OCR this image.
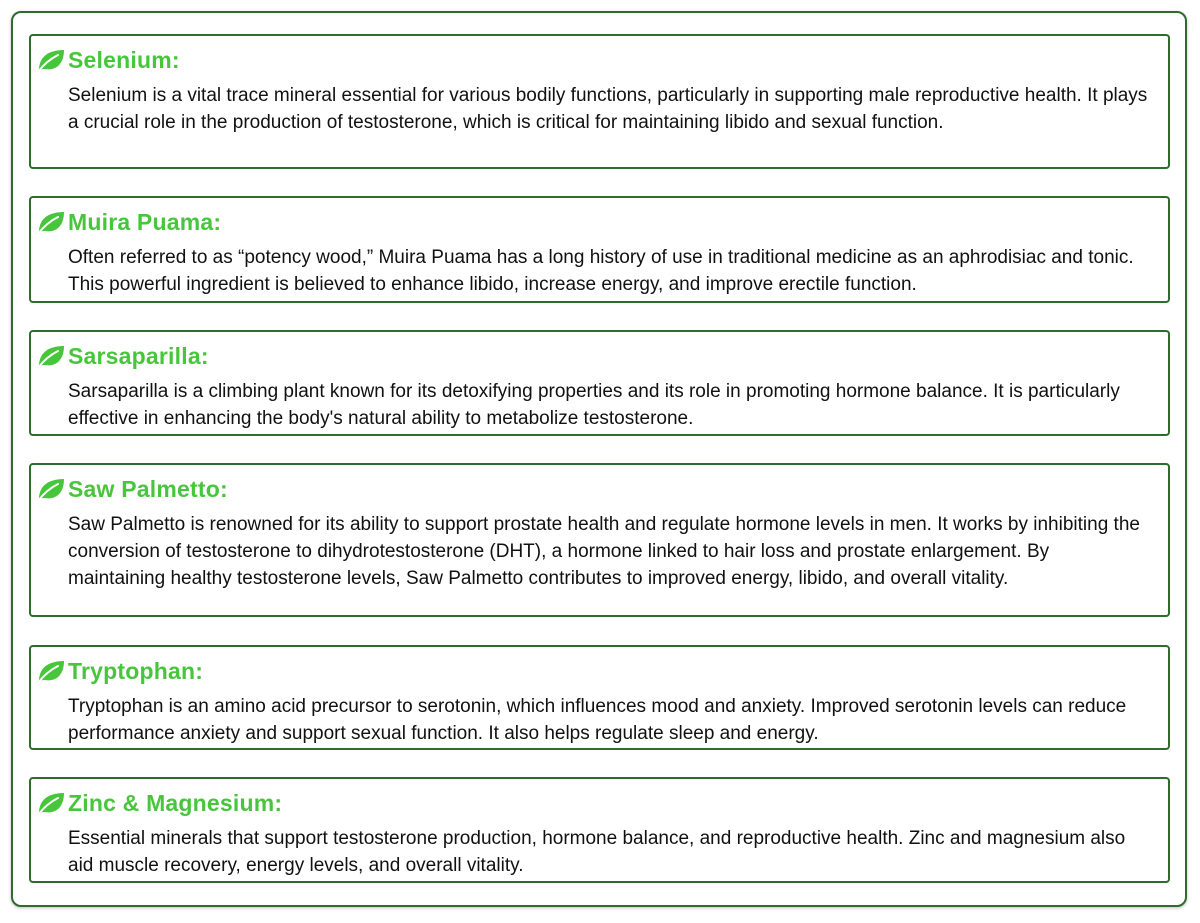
Selenium:

Selenium is a vital trace mineral essential for various bodily functions, particularly in supporting male reproductive health. It plays a crucial role in the production of testosterone, which is critical for maintaining libido and sexual function.

Muira Puama:

Often referred to as “potency wood,” Muira Puama has a long history of use in traditional medicine as an aphrodisiac and tonic. This powerful ingredient is believed to enhance libido, increase energy, and improve erectile function.

Sarsaparilla:

Sarsaparilla is a climbing plant known for its detoxifying properties and its role in promoting hormone balance. It is particularly effective in enhancing the body's natural ability to metabolize testosterone.

Saw Palmetto:

Saw Palmetto is renowned for its ability to support prostate health and regulate hormone levels in men. It works by inhibiting the conversion of testosterone to dihydrotestosterone (DHT), a hormone linked to hair loss and prostate enlargement. By maintaining healthy testosterone levels, Saw Palmetto contributes to improved energy, libido, and overall vitality.

Tryptophan:

Tryptophan is an amino acid precursor to serotonin, which influences mood and anxiety. Improved serotonin levels can reduce performance anxiety and support sexual function. It also helps regulate sleep and energy.

Zinc & Magnesium:

Essential minerals that support testosterone production, hormone balance, and reproductive health. Zinc and magnesium also aid muscle recovery, energy levels, and overall vitality.
